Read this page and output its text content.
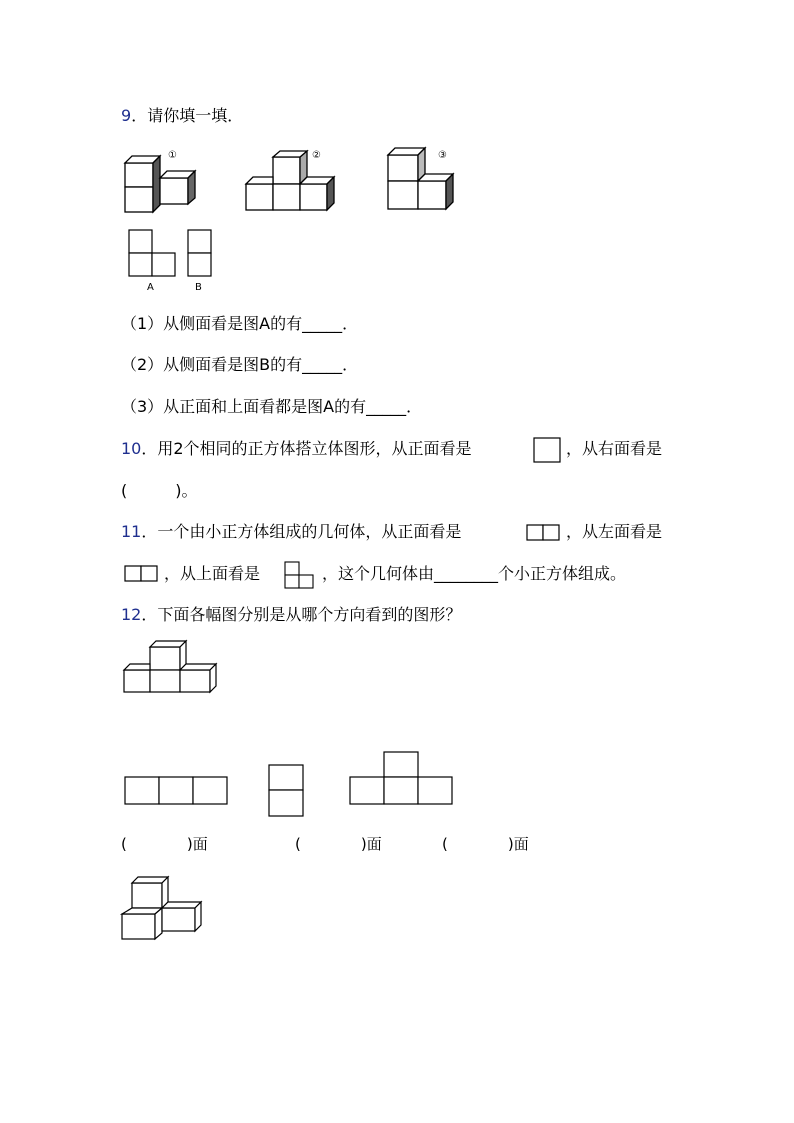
9．请你填一填．
①	②	③
A	B
（1）从侧面看是图A的有_____．
（2）从侧面看是图B的有_____．
（3）从正面和上面看都是图A的有_____．
10．用2个相同的正方体搭立体图形，从正面看是	，从右面看是
(　　　)。
11．一个由小正方体组成的几何体，从正面看是	，从左面看是
，从上面看是	，这个几何体由________个小正方体组成。
12．下面各幅图分别是从哪个方向看到的图形？
(　　　　)面	(　　　　)面	(　　　　)面
